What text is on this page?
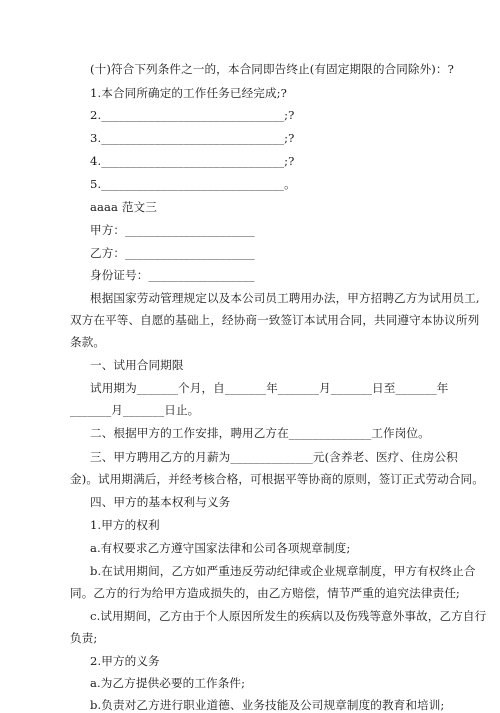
(十)符合下列条件之一的，本合同即告终止(有固定期限的合同除外)：?
1.本合同所确定的工作任务已经完成;?
2._______________________________;?
3._______________________________;?
4._______________________________;?
5._______________________________。
aaaa 范文三
甲方：______________________
乙方：______________________
身份证号：__________________
根据国家劳动管理规定以及本公司员工聘用办法，甲方招聘乙方为试用员工,
双方在平等、自愿的基础上，经协商一致签订本试用合同，共同遵守本协议所列
条款。
一、试用合同期限
试用期为_______个月，自_______年_______月_______日至_______年
_______月_______日止。
二、根据甲方的工作安排，聘用乙方在______________工作岗位。
三、甲方聘用乙方的月薪为______________元(含养老、医疗、住房公积
金)。试用期满后，并经考核合格，可根据平等协商的原则，签订正式劳动合同。
四、甲方的基本权利与义务
1.甲方的权利
a.有权要求乙方遵守国家法律和公司各项规章制度;
b.在试用期间，乙方如严重违反劳动纪律或企业规章制度，甲方有权终止合
同。乙方的行为给甲方造成损失的，由乙方赔偿，情节严重的追究法律责任;
c.试用期间，乙方由于个人原因所发生的疾病以及伤残等意外事故，乙方自行
负责;
2.甲方的义务
a.为乙方提供必要的工作条件;
b.负责对乙方进行职业道德、业务技能及公司规章制度的教育和培训;
